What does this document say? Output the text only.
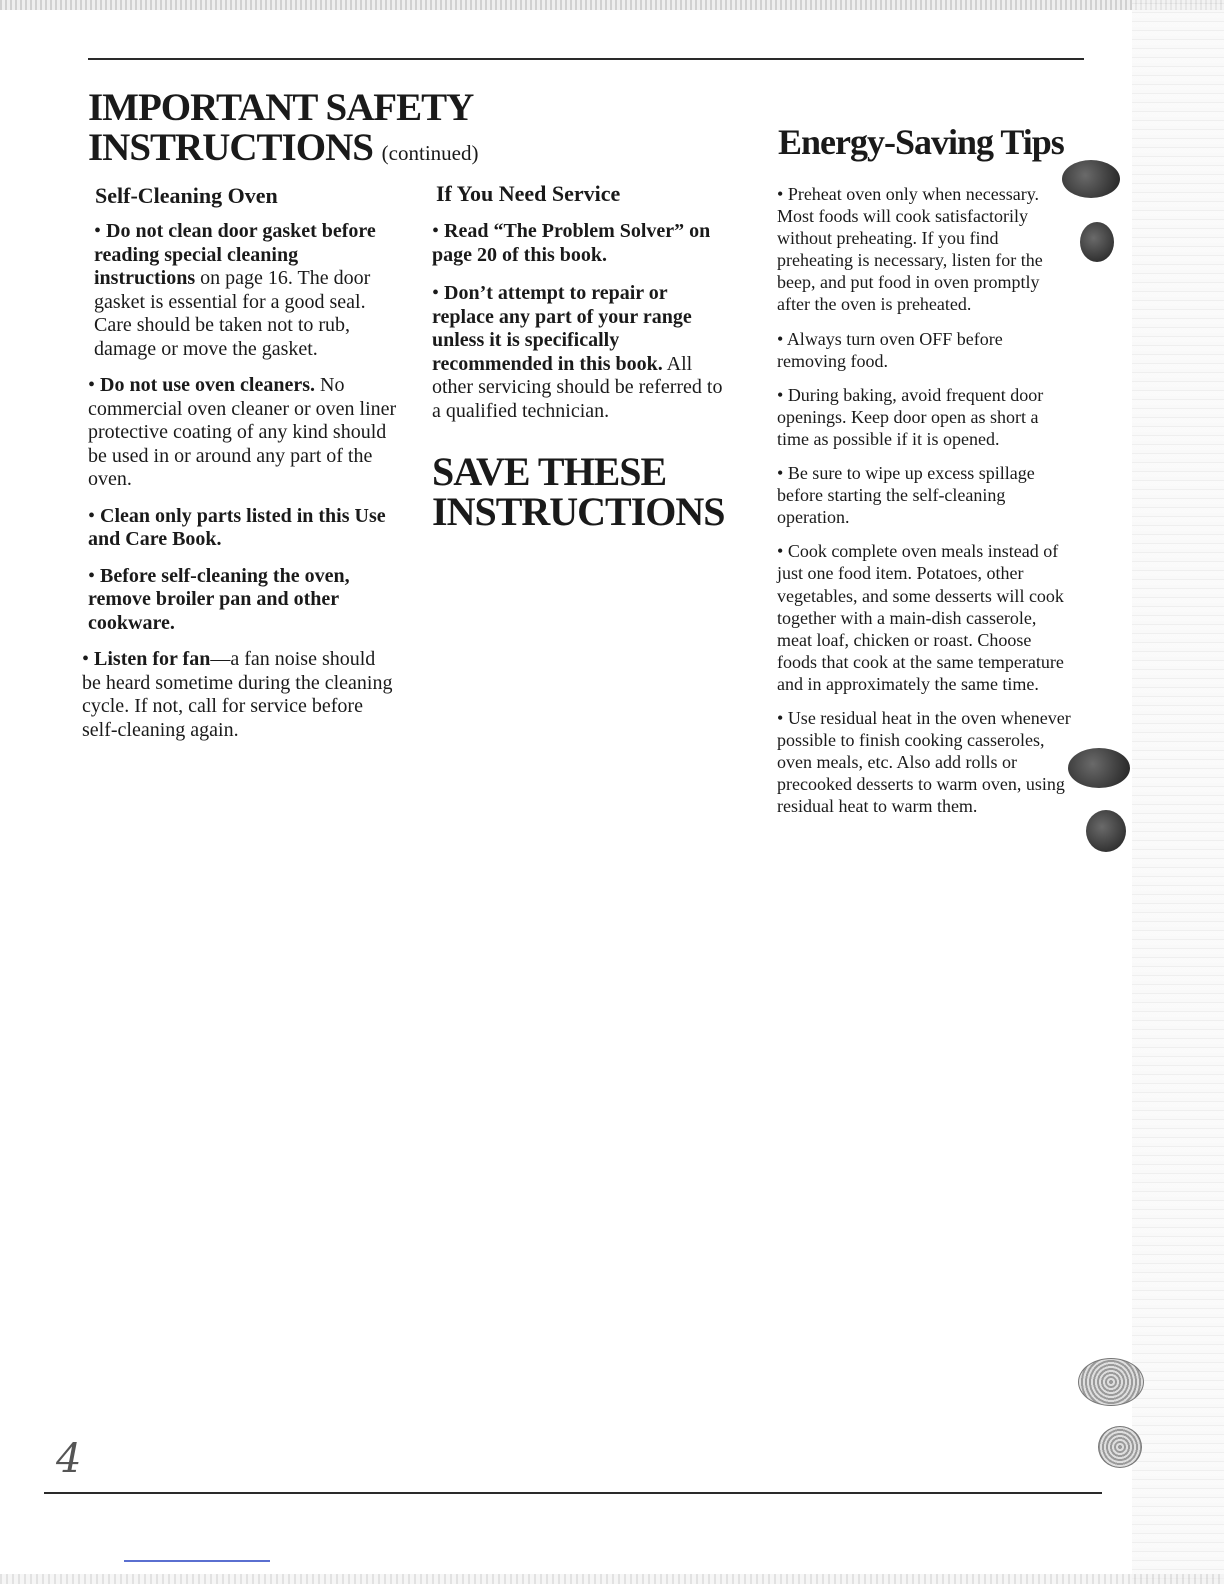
IMPORTANT SAFETY
INSTRUCTIONS (continued)	Energy-Saving Tips
Self-Cleaning Oven

• Do not clean door gasket before reading special cleaning instructions on page 16. The door gasket is essential for a good seal. Care should be taken not to rub, damage or move the gasket.

• Do not use oven cleaners. No commercial oven cleaner or oven liner protective coating of any kind should be used in or around any part of the oven.

• Clean only parts listed in this Use and Care Book.

• Before self-cleaning the oven, remove broiler pan and other cookware.

• Listen for fan—a fan noise should be heard sometime during the cleaning cycle. If not, call for service before self-cleaning again.

If You Need Service

• Read “The Problem Solver” on page 20 of this book.

• Don’t attempt to repair or replace any part of your range unless it is specifically recommended in this book. All other servicing should be referred to a qualified technician.

SAVE THESE
INSTRUCTIONS

• Preheat oven only when necessary. Most foods will cook satisfactorily without preheating. If you find preheating is necessary, listen for the beep, and put food in oven promptly after the oven is preheated.

• Always turn oven OFF before removing food.

• During baking, avoid frequent door openings. Keep door open as short a time as possible if it is opened.

• Be sure to wipe up excess spillage before starting the self-cleaning operation.

• Cook complete oven meals instead of just one food item. Potatoes, other vegetables, and some desserts will cook together with a main-dish casserole, meat loaf, chicken or roast. Choose foods that cook at the same temperature and in approximately the same time.

• Use residual heat in the oven whenever possible to finish cooking casseroles, oven meals, etc. Also add rolls or precooked desserts to warm oven, using residual heat to warm them.

4
